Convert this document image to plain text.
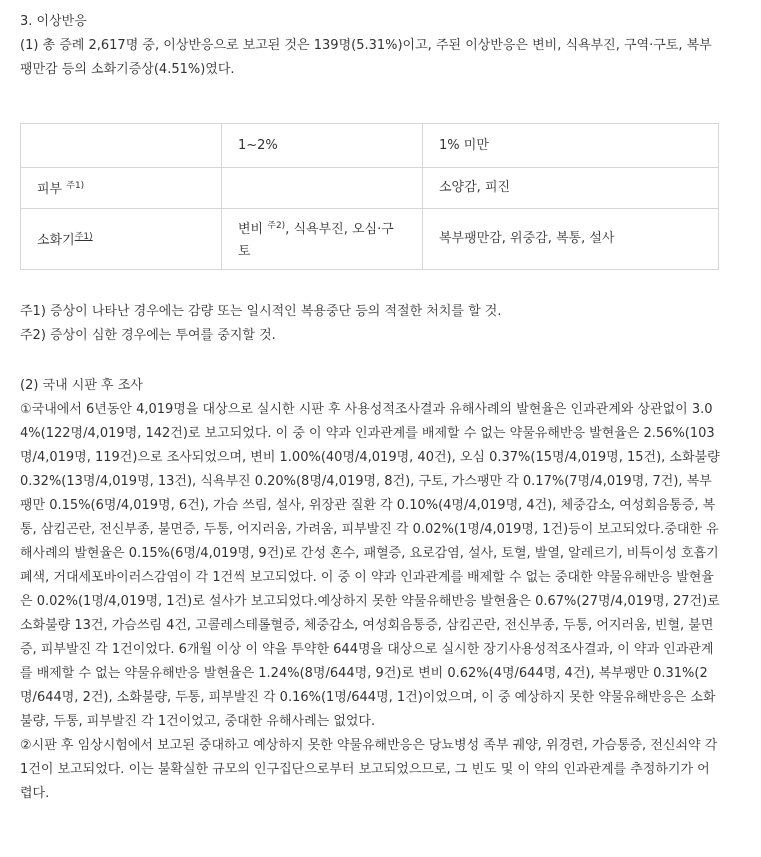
3. 이상반응

(1) 총 증례 2,617명 중, 이상반응으로 보고된 것은 139명(5.31%)이고, 주된 이상반응은 변비, 식욕부진, 구역·구토, 복부팽만감 등의 소화기증상(4.51%)였다.

	1~2%	1% 미만
피부 $^{주1)}$		소양감, 피진
소화기$^{주1)}$	변비 $^{주2)}$, 식욕부진, 오심·구토	복부팽만감, 위중감, 복통, 설사

주1) 증상이 나타난 경우에는 감량 또는 일시적인 복용중단 등의 적절한 처치를 할 것.

주2) 증상이 심한 경우에는 투여를 중지할 것.

(2) 국내 시판 후 조사

①국내에서 6년동안 4,019명을 대상으로 실시한 시판 후 사용성적조사결과 유해사례의 발현율은 인과관계와 상관없이 3.04%(122명/4,019명, 142건)로 보고되었다. 이 중 이 약과 인과관계를 배제할 수 없는 약물유해반응 발현율은 2.56%(103명/4,019명, 119건)으로 조사되었으며, 변비 1.00%(40명/4,019명, 40건), 오심 0.37%(15명/4,019명, 15건), 소화불량 0.32%(13명/4,019명, 13건), 식욕부진 0.20%(8명/4,019명, 8건), 구토, 가스팽만 각 0.17%(7명/4,019명, 7건), 복부팽만 0.15%(6명/4,019명, 6건), 가슴 쓰림, 설사, 위장관 질환 각 0.10%(4명/4,019명, 4건), 체중감소, 여성회음통증, 복통, 삼킴곤란, 전신부종, 불면증, 두통, 어지러움, 가려움, 피부발진 각 0.02%(1명/4,019명, 1건)등이 보고되었다.중대한 유해사례의 발현율은 0.15%(6명/4,019명, 9건)로 간성 혼수, 패혈증, 요로감염, 설사, 토혈, 발열, 알레르기, 비특이성 호흡기폐색, 거대세포바이러스감염이 각 1건씩 보고되었다. 이 중 이 약과 인과관계를 배제할 수 없는 중대한 약물유해반응 발현율은 0.02%(1명/4,019명, 1건)로 설사가 보고되었다.예상하지 못한 약물유해반응 발현율은 0.67%(27명/4,019명, 27건)로 소화불량 13건, 가슴쓰림 4건, 고콜레스테롤혈증, 체중감소, 여성회음통증, 삼킴곤란, 전신부종, 두통, 어지러움, 빈혈, 불면증, 피부발진 각 1건이었다. 6개월 이상 이 약을 투약한 644명을 대상으로 실시한 장기사용성적조사결과, 이 약과 인과관계를 배제할 수 없는 약물유해반응 발현율은 1.24%(8명/644명, 9건)로 변비 0.62%(4명/644명, 4건), 복부팽만 0.31%(2명/644명, 2건), 소화불량, 두통, 피부발진 각 0.16%(1명/644명, 1건)이었으며, 이 중 예상하지 못한 약물유해반응은 소화불량, 두통, 피부발진 각 1건이었고, 중대한 유해사례는 없었다.

②시판 후 임상시험에서 보고된 중대하고 예상하지 못한 약물유해반응은 당뇨병성 족부 궤양, 위경련, 가슴통증, 전신쇠약 각 1건이 보고되었다. 이는 불확실한 규모의 인구집단으로부터 보고되었으므로, 그 빈도 및 이 약의 인과관계를 추정하기가 어렵다.
